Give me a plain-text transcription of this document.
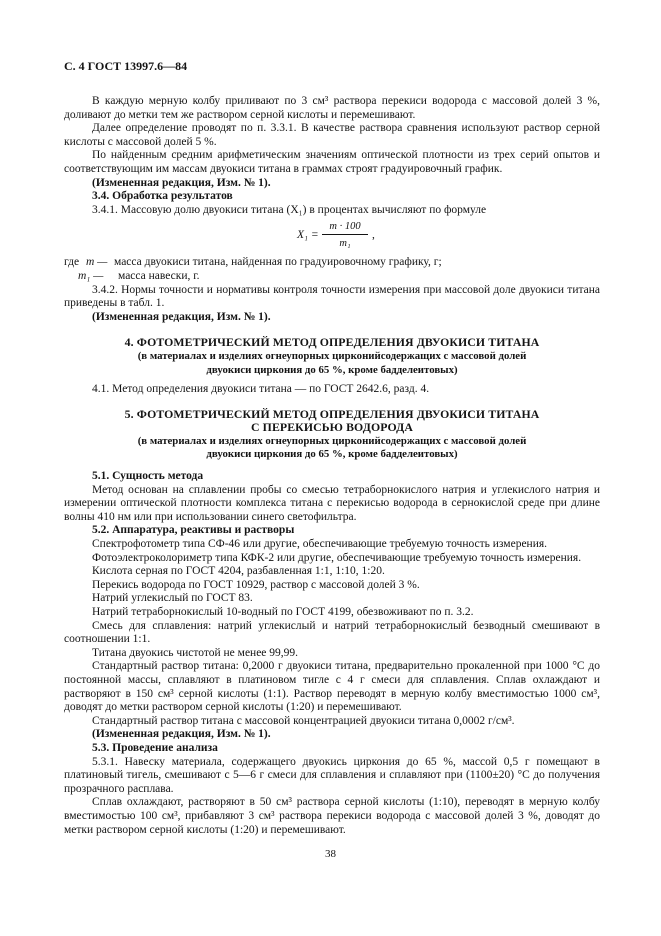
С. 4 ГОСТ 13997.6—84

В каждую мерную колбу приливают по 3 см³ раствора перекиси водорода с массовой долей 3 %, доливают до метки тем же раствором серной кислоты и перемешивают.

Далее определение проводят по п. 3.3.1. В качестве раствора сравнения используют раствор серной кислоты с массовой долей 5 %.

По найденным средним арифметическим значениям оптической плотности из трех серий опытов и соответствующим им массам двуокиси титана в граммах строят градуировочный график.

(Измененная редакция, Изм. № 1).

3.4. Обработка результатов

3.4.1. Массовую долю двуокиси титана (X₁) в процентах вычисляют по формуле

X₁ =
m · 100
m₁
,
где m — масса двуокиси титана, найденная по градуировочному графику, г;
m₁ —	масса навески, г.

3.4.2. Нормы точности и нормативы контроля точности измерения при массовой доле двуокиси титана приведены в табл. 1.

(Измененная редакция, Изм. № 1).

4. ФОТОМЕТРИЧЕСКИЙ МЕТОД ОПРЕДЕЛЕНИЯ ДВУОКИСИ ТИТАНА
(в материалах и изделиях огнеупорных цирконийсодержащих с массовой долей
двуокиси циркония до 65 %, кроме бадделеитовых)

4.1. Метод определения двуокиси титана — по ГОСТ 2642.6, разд. 4.

5. ФОТОМЕТРИЧЕСКИЙ МЕТОД ОПРЕДЕЛЕНИЯ ДВУОКИСИ ТИТАНА
С ПЕРЕКИСЬЮ ВОДОРОДА
(в материалах и изделиях огнеупорных цирконийсодержащих с массовой долей
двуокиси циркония до 65 %, кроме бадделеитовых)

5.1. Сущность метода

Метод основан на сплавлении пробы со смесью тетраборнокислого натрия и углекислого натрия и измерении оптической плотности комплекса титана с перекисью водорода в сернокислой среде при длине волны 410 нм или при использовании синего светофильтра.

5.2. Аппаратура, реактивы и растворы

Спектрофотометр типа СФ-46 или другие, обеспечивающие требуемую точность измерения.

Фотоэлектроколориметр типа КФК-2 или другие, обеспечивающие требуемую точность измерения.

Кислота серная по ГОСТ 4204, разбавленная 1:1, 1:10, 1:20.

Перекись водорода по ГОСТ 10929, раствор с массовой долей 3 %.

Натрий углекислый по ГОСТ 83.

Натрий тетраборнокислый 10-водный по ГОСТ 4199, обезвоживают по п. 3.2.

Смесь для сплавления: натрий углекислый и натрий тетраборнокислый безводный смешивают в соотношении 1:1.

Титана двуокись чистотой не менее 99,99.

Стандартный раствор титана: 0,2000 г двуокиси титана, предварительно прокаленной при 1000 °С до постоянной массы, сплавляют в платиновом тигле с 4 г смеси для сплавления. Сплав охлаждают и растворяют в 150 см³ серной кислоты (1:1). Раствор переводят в мерную колбу вместимостью 1000 см³, доводят до метки раствором серной кислоты (1:20) и перемешивают.

Стандартный раствор титана с массовой концентрацией двуокиси титана 0,0002 г/см³.

(Измененная редакция, Изм. № 1).

5.3. Проведение анализа

5.3.1. Навеску материала, содержащего двуокись циркония до 65 %, массой 0,5 г помещают в платиновый тигель, смешивают с 5—6 г смеси для сплавления и сплавляют при (1100±20) °С до получения прозрачного расплава.

Сплав охлаждают, растворяют в 50 см³ раствора серной кислоты (1:10), переводят в мерную колбу вместимостью 100 см³, прибавляют 3 см³ раствора перекиси водорода с массовой долей 3 %, доводят до метки раствором серной кислоты (1:20) и перемешивают.

38
